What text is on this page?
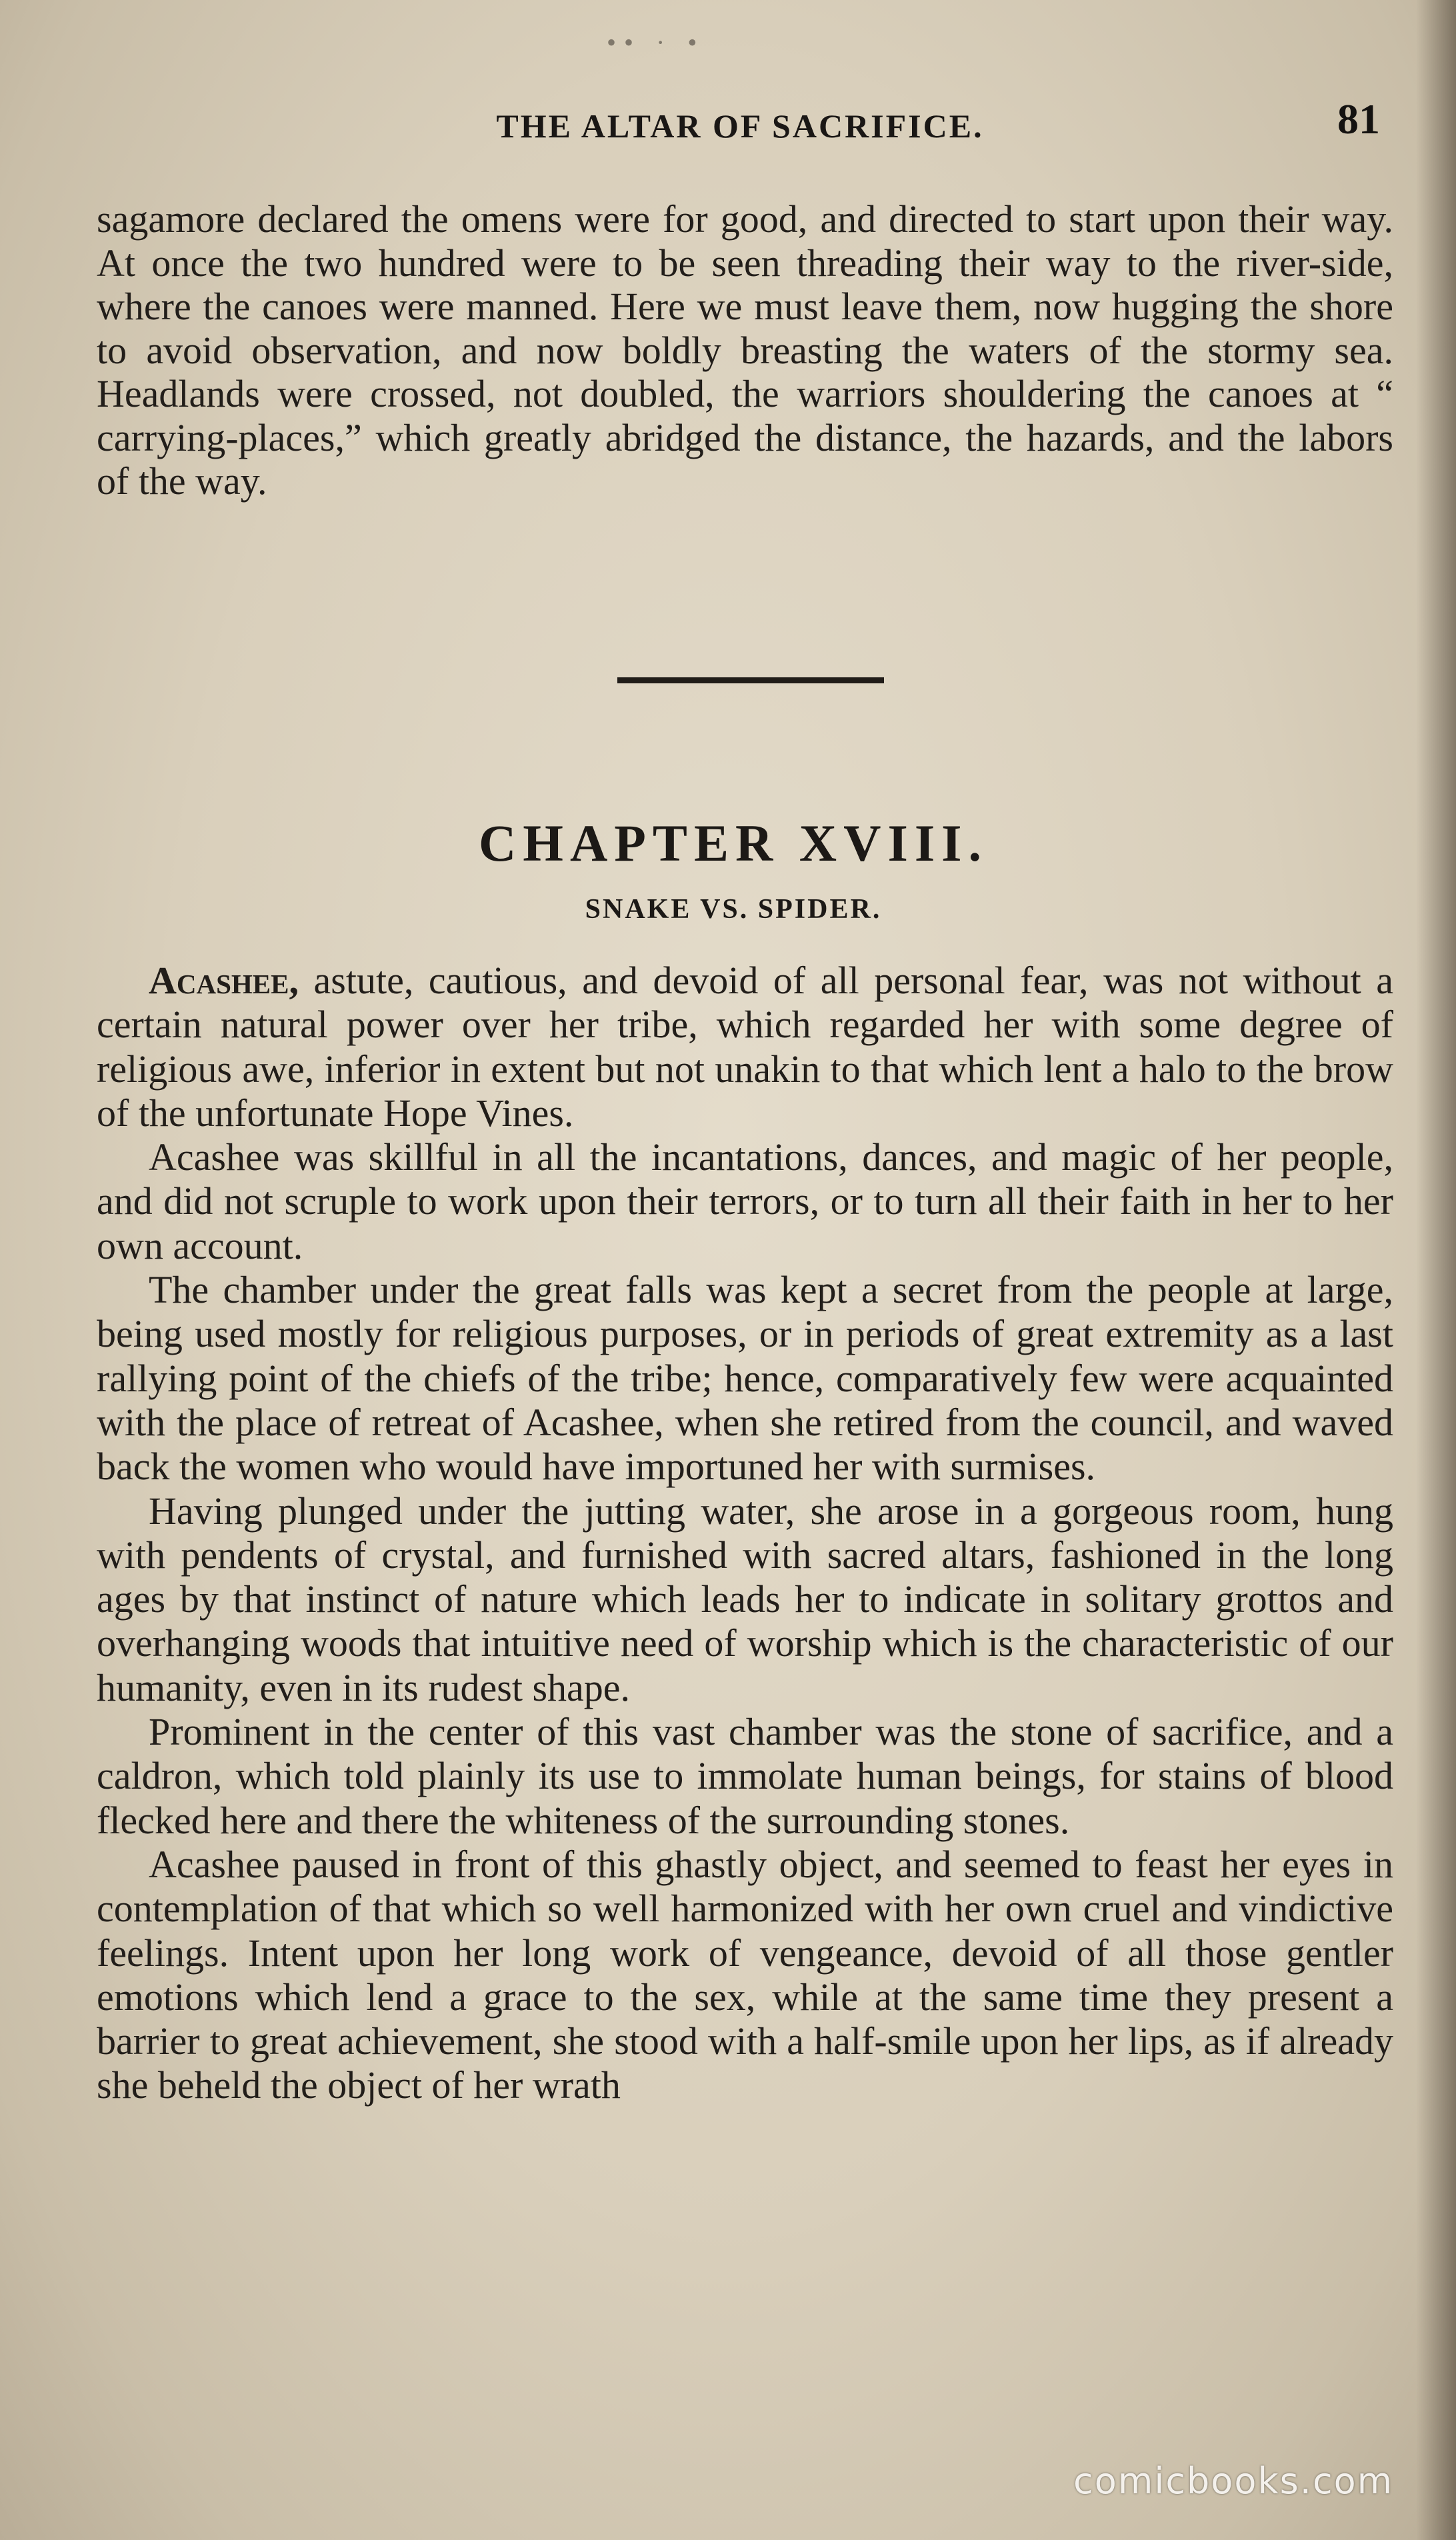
•• · •
THE ALTAR OF SACRIFICE.	81

sagamore declared the omens were for good, and directed to start upon their way. At once the two hundred were to be seen threading their way to the river-side, where the canoes were manned. Here we must leave them, now hugging the shore to avoid observation, and now boldly breasting the waters of the stormy sea. Headlands were crossed, not doubled, the warriors shouldering the canoes at “ carrying-places,” which greatly abridged the distance, the hazards, and the labors of the way.

CHAPTER XVIII.
SNAKE VS. SPIDER.

Acashee, astute, cautious, and devoid of all personal fear, was not without a certain natural power over her tribe, which regarded her with some degree of religious awe, inferior in extent but not unakin to that which lent a halo to the brow of the unfortunate Hope Vines.

Acashee was skillful in all the incantations, dances, and magic of her people, and did not scruple to work upon their terrors, or to turn all their faith in her to her own account.

The chamber under the great falls was kept a secret from the people at large, being used mostly for religious purposes, or in periods of great extremity as a last rallying point of the chiefs of the tribe; hence, comparatively few were acquainted with the place of retreat of Acashee, when she retired from the council, and waved back the women who would have importuned her with surmises.

Having plunged under the jutting water, she arose in a gorgeous room, hung with pendents of crystal, and furnished with sacred altars, fashioned in the long ages by that instinct of nature which leads her to indicate in solitary grottos and overhanging woods that intuitive need of worship which is the characteristic of our humanity, even in its rudest shape.

Prominent in the center of this vast chamber was the stone of sacrifice, and a caldron, which told plainly its use to immolate human beings, for stains of blood flecked here and there the whiteness of the surrounding stones.

Acashee paused in front of this ghastly object, and seemed to feast her eyes in contemplation of that which so well harmonized with her own cruel and vindictive feelings. Intent upon her long work of vengeance, devoid of all those gentler emotions which lend a grace to the sex, while at the same time they present a barrier to great achievement, she stood with a half-smile upon her lips, as if already she beheld the object of her wrath

comicbooks.com
